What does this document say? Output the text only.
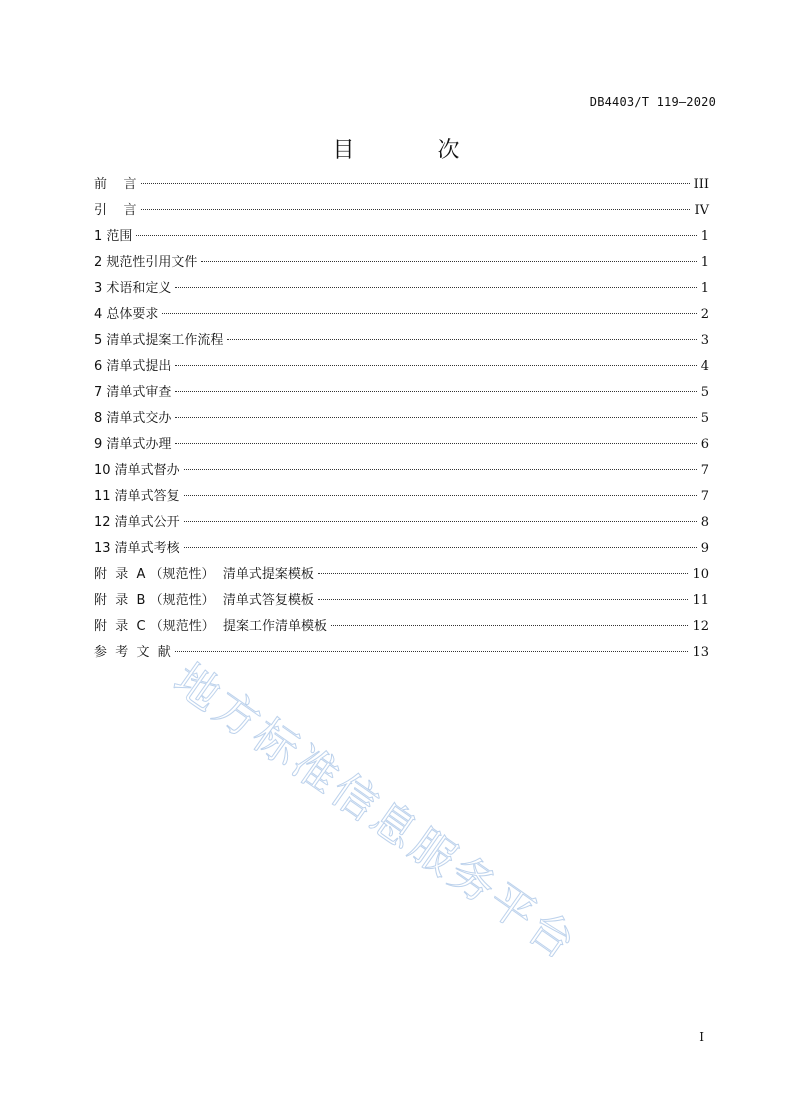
DB4403/T 119—2020
目 次
前    言	III
引    言	IV
1 范围	1
2 规范性引用文件	1
3 术语和定义	1
4 总体要求	2
5 清单式提案工作流程	3
6 清单式提出	4
7 清单式审查	5
8 清单式交办	5
9 清单式办理	6
10 清单式督办	7
11 清单式答复	7
12 清单式公开	8
13 清单式考核	9
附  录  A （规范性）  清单式提案模板	10
附  录  B （规范性）  清单式答复模板	11
附  录  C （规范性）  提案工作清单模板	12
参  考  文  献	13
地方标准信息服务平台
I
